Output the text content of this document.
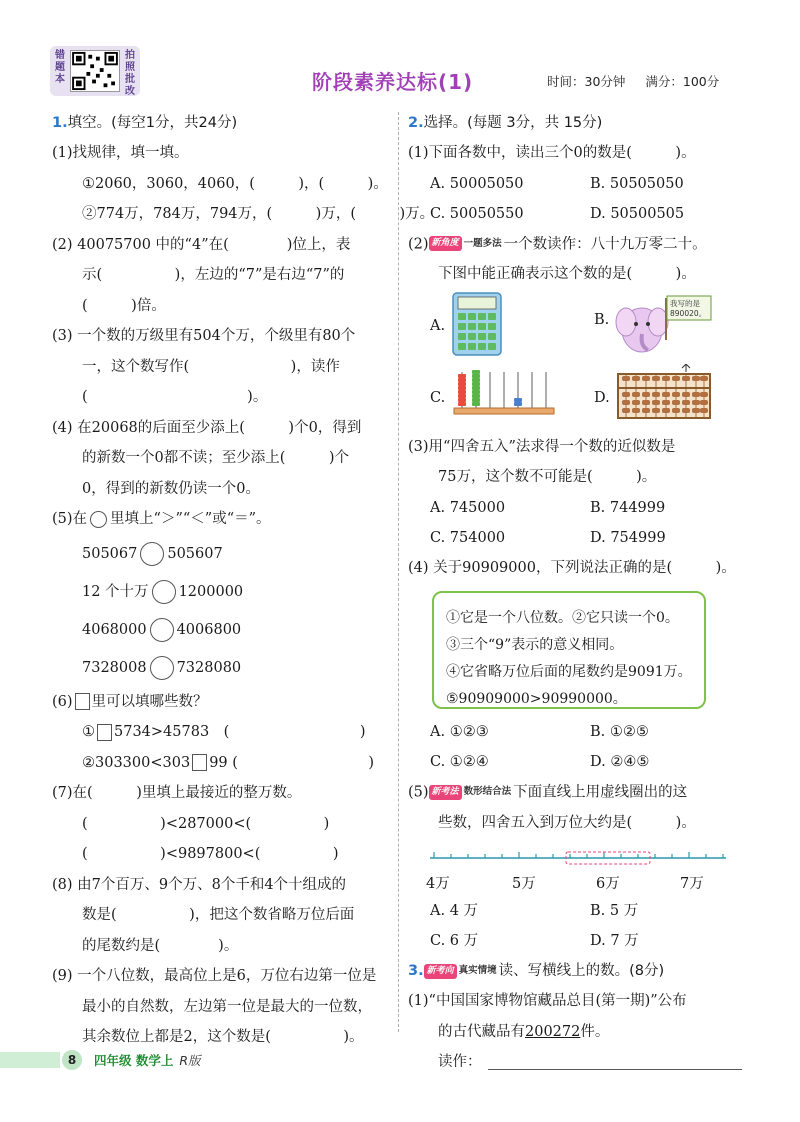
错题本
拍照批改	阶段素养达标(1)	时间：30分钟 满分：100分
1.填空。(每空1分，共24分)
(1)找规律，填一填。
①2060，3060，4060，(　　　)，(　　　)。
②774万，784万，794万，(　　　)万，(　　　)万。
(2) 40075700 中的“4”在(　　　　)位上，表
示(　　　　　)，左边的“7”是右边“7”的
(　　　)倍。
(3) 一个数的万级里有504个万，个级里有80个
一，这个数写作(　　　　　　　)，读作
(　　　　　　　　　　　)。
(4) 在20068的后面至少添上(　　　)个0，得到
的新数一个0都不读；至少添上(　　　)个
0，得到的新数仍读一个0。
(5)在 里填上“＞”“＜”或“＝”。
505067 505607
12 个十万 1200000
4068000 4006800
7328008 7328080
(6) 里可以填哪些数？
① 5734>45783　(　　　　　　　　　)
②303300<303 99 (　　　　　　　　　)
(7)在(　　　)里填上最接近的整万数。
(　　　　　)<287000<(　　　　　)
(　　　　　)<9897800<(　　　　　)
(8) 由7个百万、9个万、8个千和4个十组成的
数是(　　　　　)，把这个数省略万位后面
的尾数约是(　　　　)。
(9) 一个八位数，最高位上是6，万位右边第一位是
最小的自然数，左边第一位是最大的一位数，
其余数位上都是2，这个数是(　　　　　)。
2.选择。(每题 3分，共 15分)
(1)下面各数中，读出三个0的数是(　　　)。
A. 50005050	B. 50505050
C. 50050550	D. 50500505
(2) 新角度 一题多法 一个数读作：八十九万零二十。
下图中能正确表示这个数的是(　　　)。
A.	B.
我写的是
890020。
C.	D.
(3)用“四舍五入”法求得一个数的近似数是
75万，这个数不可能是(　　　)。
A. 745000	B. 744999
C. 754000	D. 754999
(4) 关于90909000，下列说法正确的是(　　　)。
①它是一个八位数。②它只读一个0。
③三个“9”表示的意义相同。
④它省略万位后面的尾数约是9091万。
⑤90909000>90990000。
A. ①②③	B. ①②⑤
C. ①②④	D. ②④⑤
(5) 新考法 数形结合法 下面直线上用虚线圈出的这
些数，四舍五入到万位大约是(　　　)。
4万	5万	6万	7万
A. 4 万	B. 5 万
C. 6 万	D. 7 万
3. 新考向 真实情境 读、写横线上的数。(8分)
(1)“中国国家博物馆藏品总目(第一期)”公布
的古代藏品有200272件。
读作：
8	四年级 数学上 R版
